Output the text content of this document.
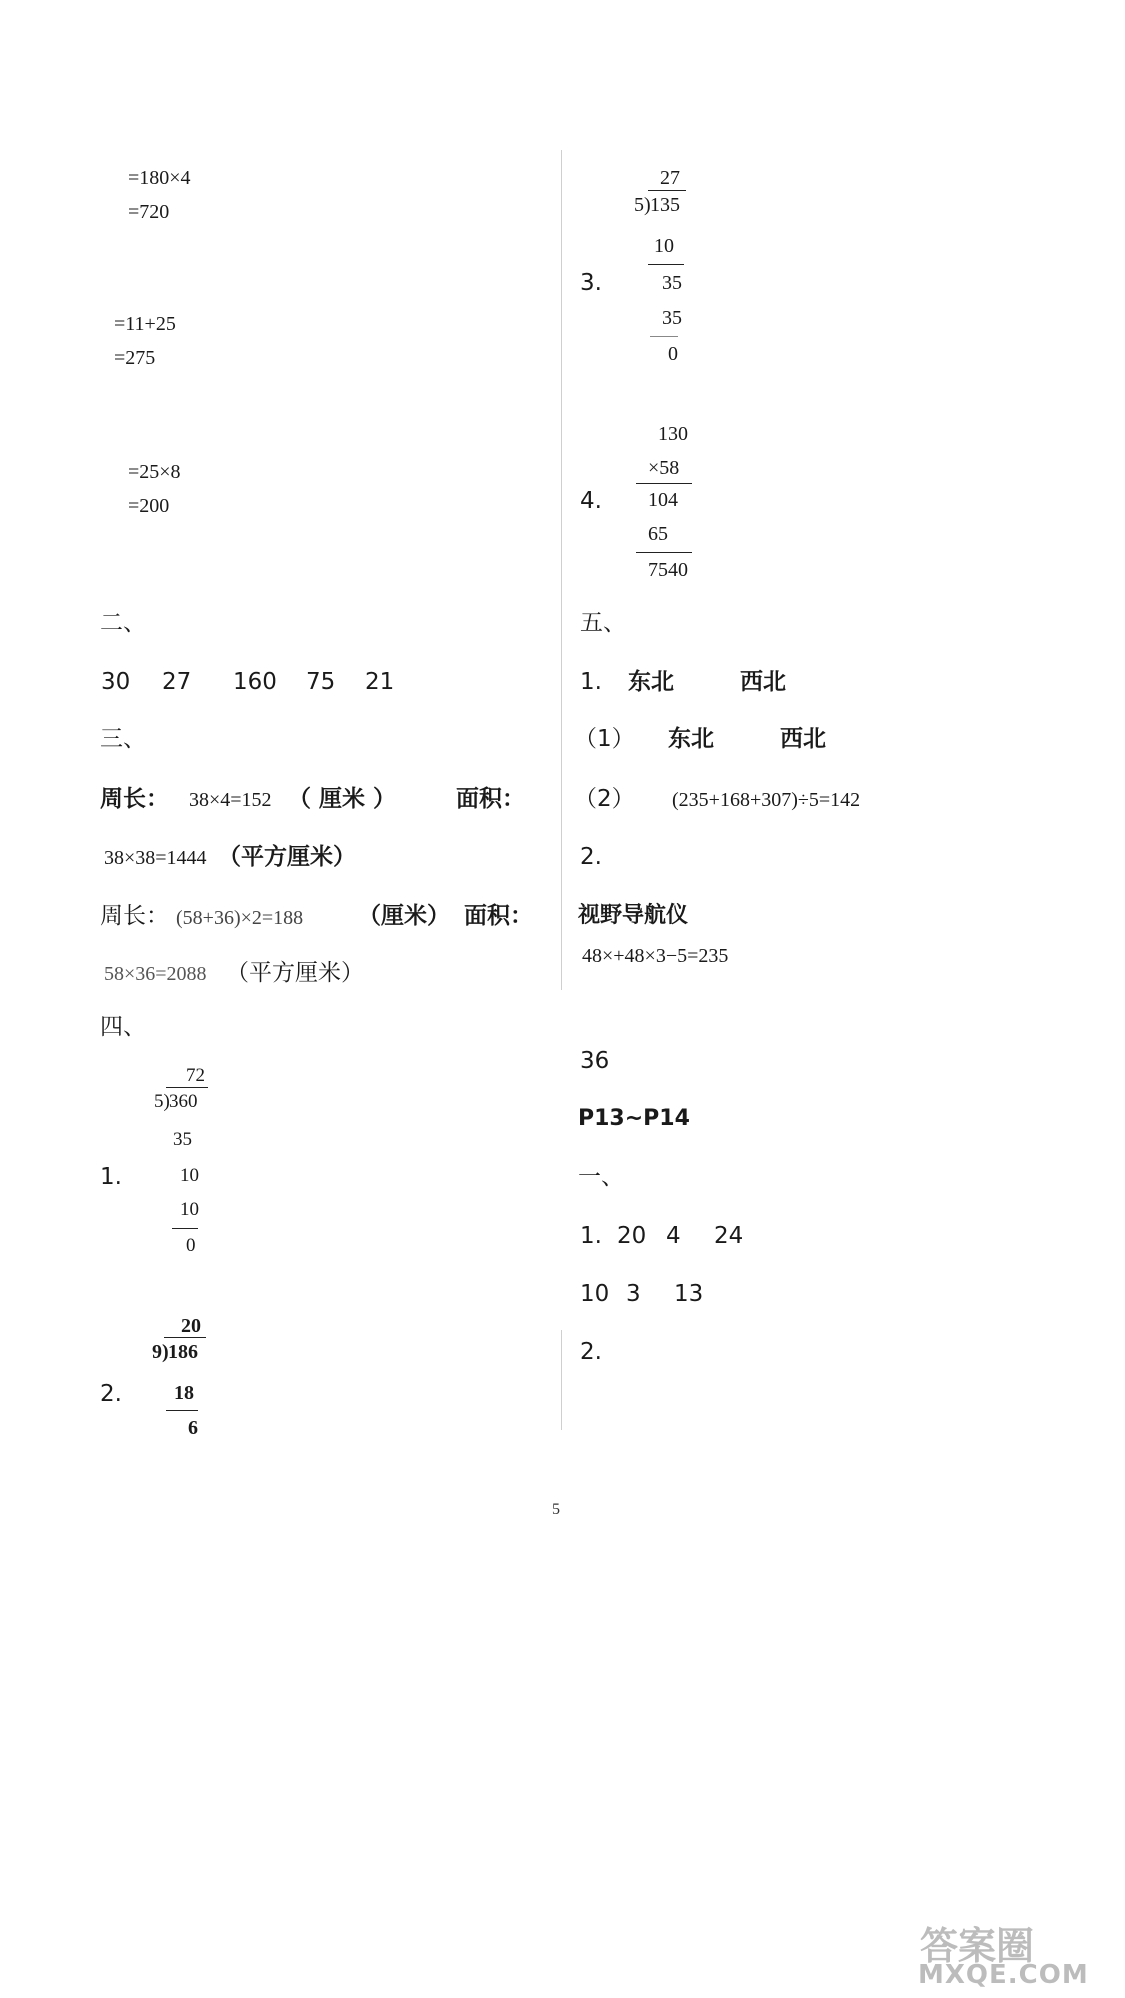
=180×4
=720
=11+25
=275
=25×8
=200
二、
30 27 160 75 21
三、
周长： 38×4=152 （ 厘米 ）	面积：
38×38=1444 （平方厘米）
周长： (58+36)×2=188 （厘米） 面积：
58×36=2088 （平方厘米）
四、
72
5) 360
35
1.	10
10
0
20
9) 186
2.	18
6
27
5) 135
10
3.	35
35
0
130
×58
4. 104
65
7540
五、
1. 东北	西北
（1） 东北	西北
（2） (235+168+307)÷5=142
2.
视野导航仪
48×+48×3−5=235
36
P13~P14
一、
1. 20 4 24
10 3 13
2.
5
答案圈
MXQE.COM
